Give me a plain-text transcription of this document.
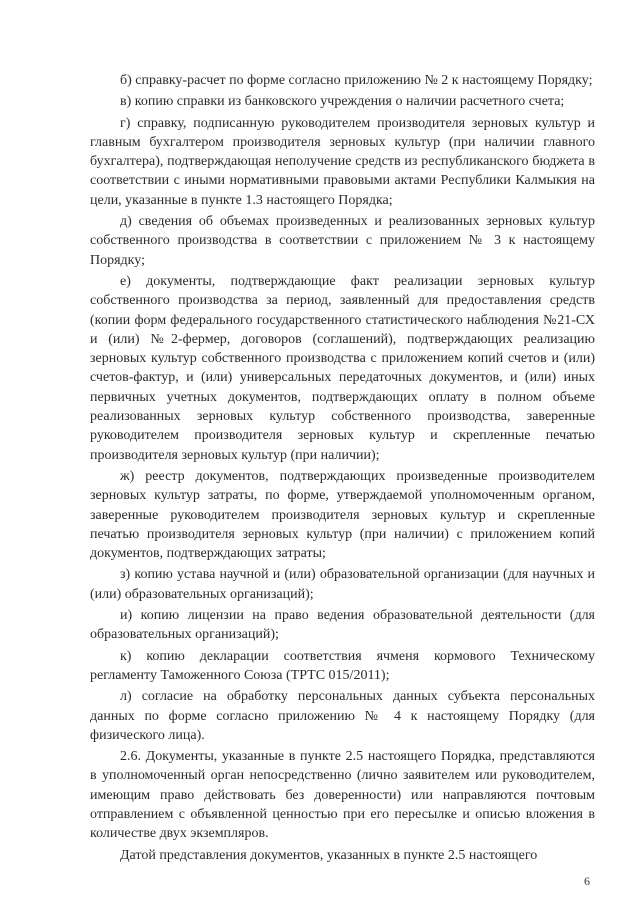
б) справку-расчет по форме согласно приложению № 2 к настоящему Порядку;

в) копию справки из банковского учреждения о наличии расчетного счета;

г) справку, подписанную руководителем производителя зерновых культур и главным бухгалтером производителя зерновых культур (при наличии главного бухгалтера), подтверждающая неполучение средств из республиканского бюджета в соответствии с иными нормативными правовыми актами Республики Калмыкия на цели, указанные в пункте 1.3 настоящего Порядка;

д) сведения об объемах произведенных и реализованных зерновых культур собственного производства в соответствии с приложением № 3 к настоящему Порядку;

е) документы, подтверждающие факт реализации зерновых культур собственного производства за период, заявленный для предоставления средств (копии форм федерального государственного статистического наблюдения №21-СХ и (или) №2-фермер, договоров (соглашений), подтверждающих реализацию зерновых культур собственного производства с приложением копий счетов и (или) счетов-фактур, и (или) универсальных передаточных документов, и (или) иных первичных учетных документов, подтверждающих оплату в полном объеме реализованных зерновых культур собственного производства, заверенные руководителем производителя зерновых культур и скрепленные печатью производителя зерновых культур (при наличии);

ж) реестр документов, подтверждающих произведенные производителем зерновых культур затраты, по форме, утверждаемой уполномоченным органом, заверенные руководителем производителя зерновых культур и скрепленные печатью производителя зерновых культур (при наличии) с приложением копий документов, подтверждающих затраты;

з) копию устава научной и (или) образовательной организации (для научных и (или) образовательных организаций);

и) копию лицензии на право ведения образовательной деятельности (для образовательных организаций);

к) копию декларации соответствия ячменя кормового Техническому регламенту Таможенного Союза (ТРТС 015/2011);

л) согласие на обработку персональных данных субъекта персональных данных по форме согласно приложению № 4 к настоящему Порядку (для физического лица).

2.6. Документы, указанные в пункте 2.5 настоящего Порядка, представляются в уполномоченный орган непосредственно (лично заявителем или руководителем, имеющим право действовать без доверенности) или направляются почтовым отправлением с объявленной ценностью при его пересылке и описью вложения в количестве двух экземпляров.

Датой представления документов, указанных в пункте 2.5 настоящего

6
